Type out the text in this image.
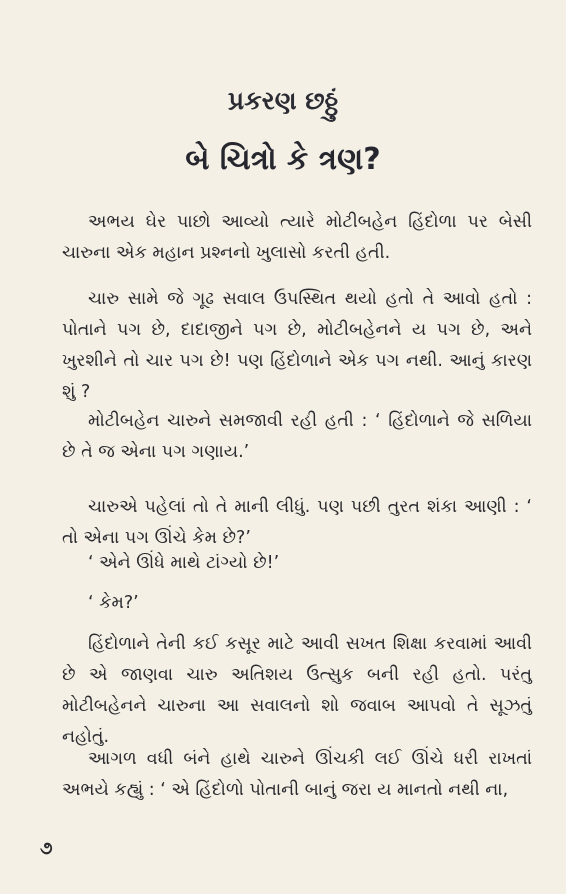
પ્રકરણ છઠ્ઠું
બે ચિત્રો કે ત્રણ?

અભય ઘેર પાછો આવ્યો ત્યારે મોટીબહેન હિંદોળા પર બેસી ચારુના એક મહાન પ્રશ્નનો ખુલાસો કરતી હતી.

ચારુ સામે જે ગૂઢ સવાલ ઉપસ્થિત થયો હતો તે આવો હતો : પોતાને પગ છે, દાદાજીને પગ છે, મોટીબહેનને ય પગ છે, અને ખુરશીને તો ચાર પગ છે! પણ હિંદોળાને એક પગ નથી. આનું કારણ શું ?

મોટીબહેન ચારુને સમજાવી રહી હતી : ‘ હિંદોળાને જે સળિયા છે તે જ એના પગ ગણાય.’

ચારુએ પહેલાં તો તે માની લીધું. પણ પછી તુરત શંકા આણી : ‘ તો એના પગ ઊંચે કેમ છે?’

‘ એને ઊંધે માથે ટાંગ્યો છે!’

‘ કેમ?’

હિંદોળાને તેની કઈ કસૂર માટે આવી સખત શિક્ષા કરવામાં આવી છે એ જાણવા ચારુ અતિશય ઉત્સુક બની રહી હતો. પરંતુ મોટીબહેનને ચારુના આ સવાલનો શો જવાબ આપવો તે સૂઝતું નહોતું.

આગળ વધી બંને હાથે ચારુને ઊંચકી લઈ ઊંચે ધરી રાખતાં અભયે કહ્યું : ‘ એ હિંદોળો પોતાની બાનું જરા ય માનતો નથી ના,

૭
